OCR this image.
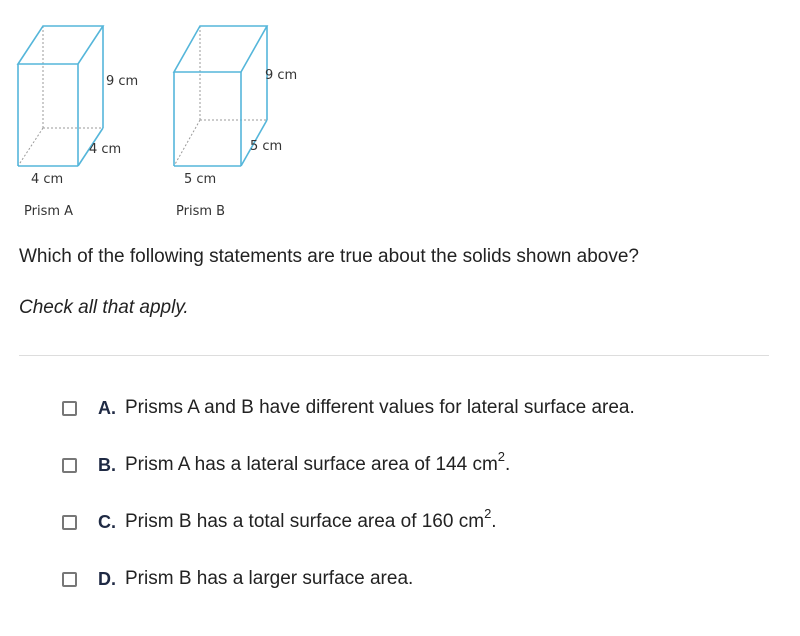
9 cm
4 cm
4 cm
Prism A
9 cm
5 cm
5 cm
Prism B
Which of the following statements are true about the solids shown above?
Check all that apply.
A. Prisms A and B have different values for lateral surface area.
B. Prism A has a lateral surface area of 144 $cm^2$.
C. Prism B has a total surface area of 160 $cm^2$.
D. Prism B has a larger surface area.
